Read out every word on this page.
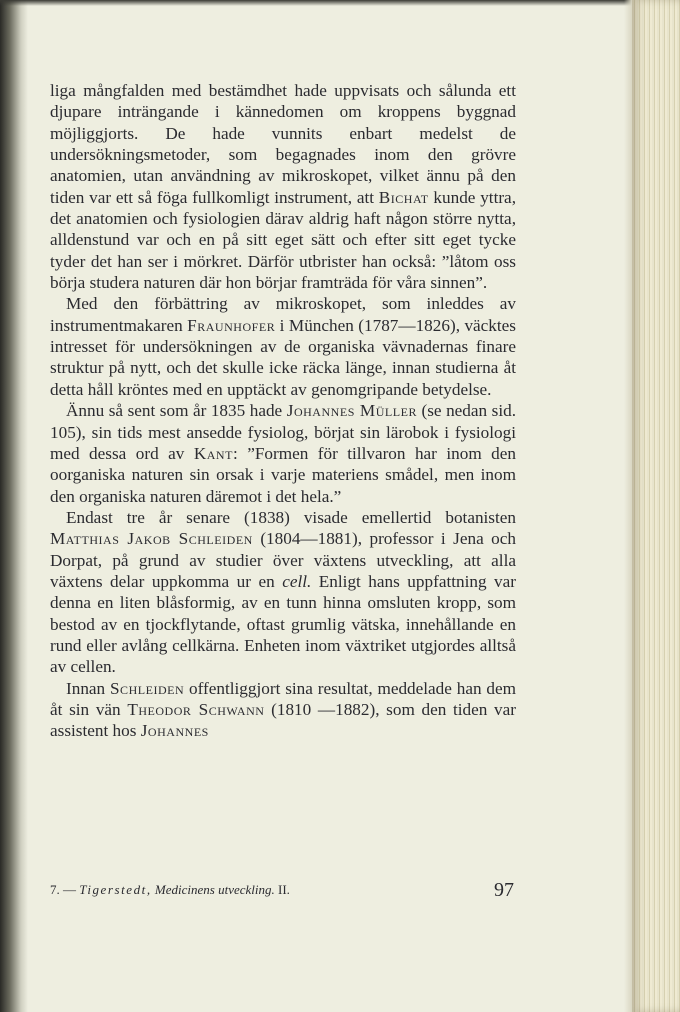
liga mångfalden med bestämdhet hade uppvisats och sålunda ett djupare inträngande i kännedomen om kroppens byggnad möjliggjorts. De hade vunnits enbart medelst de undersökningsmetoder, som begagnades inom den grövre anatomien, utan användning av mikroskopet, vilket ännu på den tiden var ett så föga fullkomligt instrument, att Bichat kunde yttra, det anatomien och fysiologien därav aldrig haft någon större nytta, alldenstund var och en på sitt eget sätt och efter sitt eget tycke tyder det han ser i mörkret. Därför utbrister han också: ”låtom oss börja studera naturen där hon börjar framträda för våra sinnen”.

Med den förbättring av mikroskopet, som inleddes av instrumentmakaren Fraunhofer i München (1787—1826), väcktes intresset för undersökningen av de organiska vävnadernas finare struktur på nytt, och det skulle icke räcka länge, innan studierna åt detta håll kröntes med en upptäckt av genomgripande betydelse.

Ännu så sent som år 1835 hade Johannes Müller (se nedan sid. 105), sin tids mest ansedde fysiolog, börjat sin lärobok i fysiologi med dessa ord av Kant: ”Formen för tillvaron har inom den oorganiska naturen sin orsak i varje materiens smådel, men inom den organiska naturen däremot i det hela.”

Endast tre år senare (1838) visade emellertid botanisten Matthias Jakob Schleiden (1804—1881), professor i Jena och Dorpat, på grund av studier över växtens utveckling, att alla växtens delar uppkomma ur en cell. Enligt hans uppfattning var denna en liten blåsformig, av en tunn hinna omsluten kropp, som bestod av en tjockflytande, oftast grumlig vätska, innehållande en rund eller avlång cellkärna. Enheten inom växtriket utgjordes alltså av cellen.

Innan Schleiden offentliggjort sina resultat, meddelade han dem åt sin vän Theodor Schwann (1810 —1882), som den tiden var assistent hos Johannes

7. — Tigerstedt, Medicinens utveckling. II.	97
